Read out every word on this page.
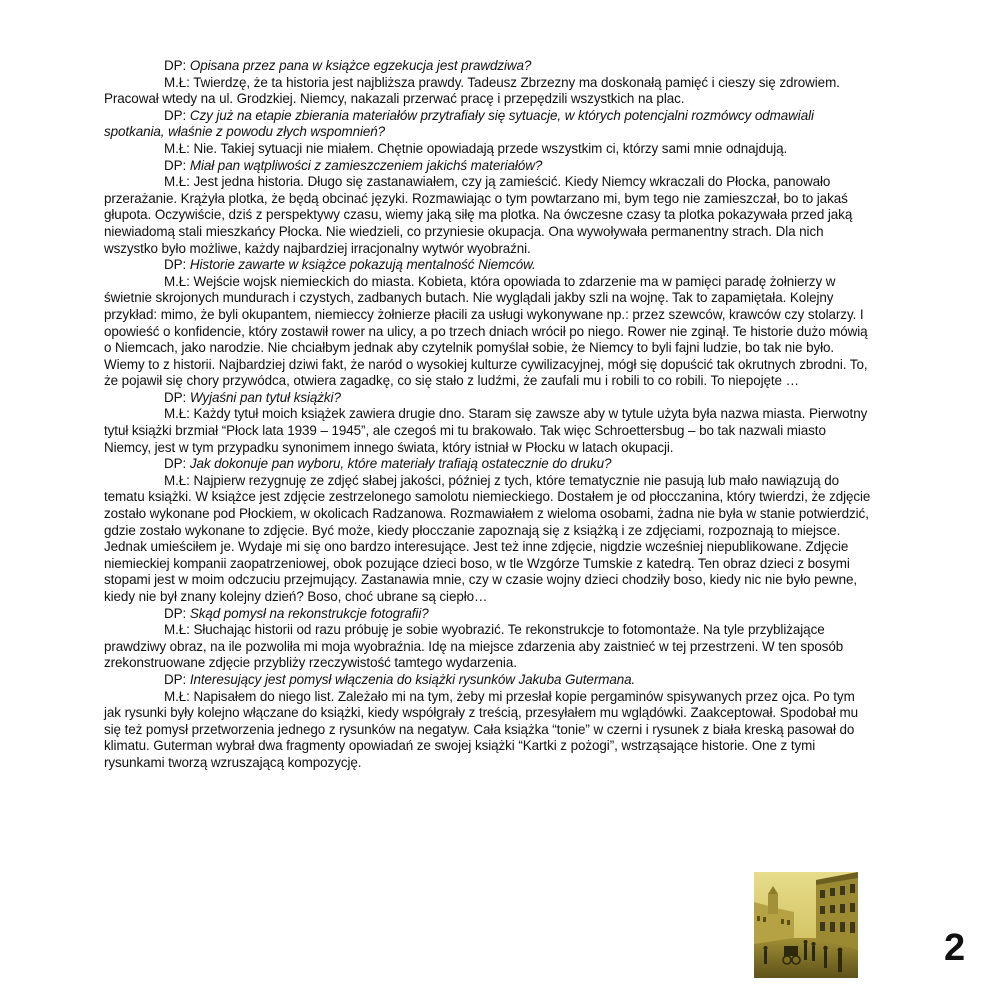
DP: Opisana przez pana w książce egzekucja jest prawdziwa?

M.Ł: Twierdzę, że ta historia jest najbliższa prawdy. Tadeusz Zbrzezny ma doskonałą pamięć i cieszy się zdrowiem. Pracował wtedy na ul. Grodzkiej. Niemcy, nakazali przerwać pracę i przepędzili wszystkich na plac.

DP: Czy już na etapie zbierania materiałów przytrafiały się sytuacje, w których potencjalni rozmówcy odmawiali spotkania, właśnie z powodu złych wspomnień?

M.Ł: Nie. Takiej sytuacji nie miałem. Chętnie opowiadają przede wszystkim ci, którzy sami mnie odnajdują.

DP: Miał pan wątpliwości z zamieszczeniem jakichś materiałów?

M.Ł: Jest jedna historia. Długo się zastanawiałem, czy ją zamieścić. Kiedy Niemcy wkraczali do Płocka, panowało przerażanie. Krążyła plotka, że będą obcinać języki. Rozmawiając o tym powtarzano mi, bym tego nie zamieszczał, bo to jakaś głupota. Oczywiście, dziś z perspektywy czasu, wiemy jaką siłę ma plotka. Na ówczesne czasy ta plotka pokazywała przed jaką niewiadomą stali mieszkańcy Płocka. Nie wiedzieli, co przyniesie okupacja. Ona wywoływała permanentny strach. Dla nich wszystko było możliwe, każdy najbardziej irracjonalny wytwór wyobraźni.

DP: Historie zawarte w książce pokazują mentalność Niemców.

M.Ł: Wejście wojsk niemieckich do miasta. Kobieta, która opowiada to zdarzenie ma w pamięci paradę żołnierzy w świetnie skrojonych mundurach i czystych, zadbanych butach. Nie wyglądali jakby szli na wojnę. Tak to zapamiętała. Kolejny przykład: mimo, że byli okupantem, niemieccy żołnierze płacili za usługi wykonywane np.: przez szewców, krawców czy stolarzy. I opowieść o konfidencie, który zostawił rower na ulicy, a po trzech dniach wrócił po niego. Rower nie zginął. Te historie dużo mówią o Niemcach, jako narodzie. Nie chciałbym jednak aby czytelnik pomyślał sobie, że Niemcy to byli fajni ludzie, bo tak nie było. Wiemy to z historii. Najbardziej dziwi fakt, że naród o wysokiej kulturze cywilizacyjnej, mógł się dopuścić tak okrutnych zbrodni. To, że pojawił się chory przywódca, otwiera zagadkę, co się stało z ludźmi, że zaufali mu i robili to co robili. To niepojęte …

DP: Wyjaśni pan tytuł książki?

M.Ł: Każdy tytuł moich książek zawiera drugie dno. Staram się zawsze aby w tytule użyta była nazwa miasta. Pierwotny tytuł książki brzmiał “Płock lata 1939 – 1945”, ale czegoś mi tu brakowało. Tak więc Schroettersbug – bo tak nazwali miasto Niemcy, jest w tym przypadku synonimem innego świata, który istniał w Płocku w latach okupacji.

DP: Jak dokonuje pan wyboru, które materiały trafiają ostatecznie do druku?

M.Ł: Najpierw rezygnuję ze zdjęć słabej jakości, później z tych, które tematycznie nie pasują lub mało nawiązują do tematu książki. W książce jest zdjęcie zestrzelonego samolotu niemieckiego. Dostałem je od płocczanina, który twierdzi, że zdjęcie zostało wykonane pod Płockiem, w okolicach Radzanowa. Rozmawiałem z wieloma osobami, żadna nie była w stanie potwierdzić, gdzie zostało wykonane to zdjęcie. Być może, kiedy płocczanie zapoznają się z książką i ze zdjęciami, rozpoznają to miejsce. Jednak umieściłem je. Wydaje mi się ono bardzo interesujące. Jest też inne zdjęcie, nigdzie wcześniej niepublikowane. Zdjęcie niemieckiej kompanii zaopatrzeniowej, obok pozujące dzieci boso, w tle Wzgórze Tumskie z katedrą. Ten obraz dzieci z bosymi stopami jest w moim odczuciu przejmujący. Zastanawia mnie, czy w czasie wojny dzieci chodziły boso, kiedy nic nie było pewne, kiedy nie był znany kolejny dzień? Boso, choć ubrane są ciepło…

DP: Skąd pomysł na rekonstrukcje fotografii?

M.Ł: Słuchając historii od razu próbuję je sobie wyobrazić. Te rekonstrukcje to fotomontaże. Na tyle przybliżające prawdziwy obraz, na ile pozwoliła mi moja wyobraźnia. Idę na miejsce zdarzenia aby zaistnieć w tej przestrzeni. W ten sposób zrekonstruowane zdjęcie przybliży rzeczywistość tamtego wydarzenia.

DP: Interesujący jest pomysł włączenia do książki rysunków Jakuba Gutermana.

M.Ł: Napisałem do niego list. Zależało mi na tym, żeby mi przesłał kopie pergaminów spisywanych przez ojca. Po tym jak rysunki były kolejno włączane do książki, kiedy współgrały z treścią, przesyłałem mu wglądówki. Zaakceptował. Spodobał mu się też pomysł przetworzenia jednego z rysunków na negatyw. Cała książka “tonie” w czerni i rysunek z biała kreską pasował do klimatu. Guterman wybrał dwa fragmenty opowiadań ze swojej książki “Kartki z pożogi”, wstrząsające historie. One z tymi rysunkami tworzą wzruszającą kompozycję.

2
